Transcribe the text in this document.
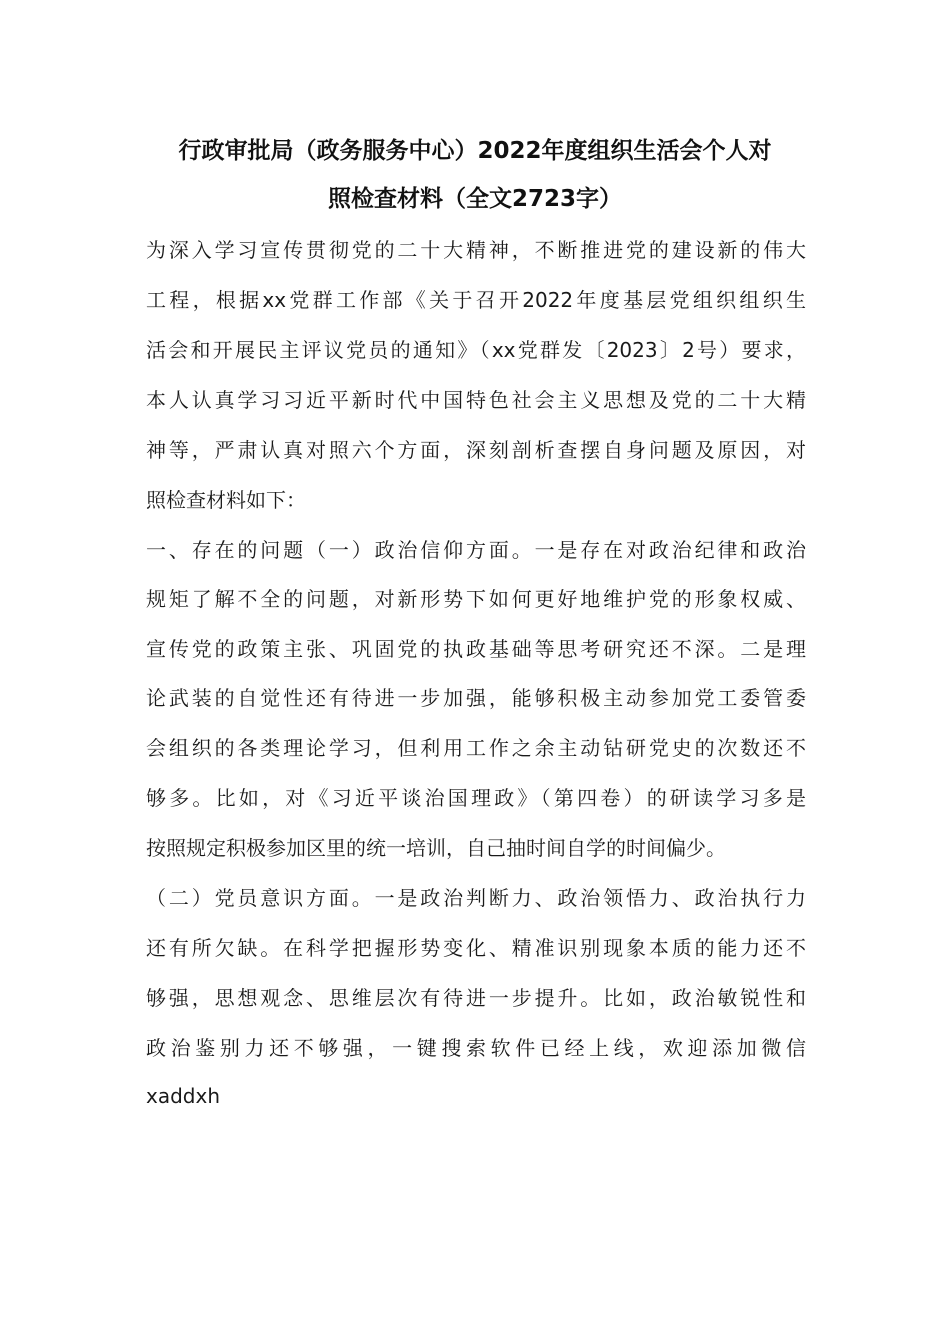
行政审批局（政务服务中心）2022年度组织生活会个人对
照检查材料（全文2723字）
为深入学习宣传贯彻党的二十大精神，不断推进党的建设新的伟大
工程，根据xx党群工作部《关于召开2022年度基层党组织组织生
活会和开展民主评议党员的通知》（xx党群发〔2023〕2号）要求，
本人认真学习习近平新时代中国特色社会主义思想及党的二十大精
神等，严肃认真对照六个方面，深刻剖析查摆自身问题及原因，对
照检查材料如下：
一、存在的问题（一）政治信仰方面。一是存在对政治纪律和政治
规矩了解不全的问题，对新形势下如何更好地维护党的形象权威、
宣传党的政策主张、巩固党的执政基础等思考研究还不深。二是理
论武装的自觉性还有待进一步加强，能够积极主动参加党工委管委
会组织的各类理论学习，但利用工作之余主动钻研党史的次数还不
够多。比如，对《习近平谈治国理政》（第四卷）的研读学习多是
按照规定积极参加区里的统一培训，自己抽时间自学的时间偏少。
（二）党员意识方面。一是政治判断力、政治领悟力、政治执行力
还有所欠缺。在科学把握形势变化、精准识别现象本质的能力还不
够强，思想观念、思维层次有待进一步提升。比如，政治敏锐性和
政治鉴别力还不够强，一键搜索软件已经上线，欢迎添加微信
xaddxh
